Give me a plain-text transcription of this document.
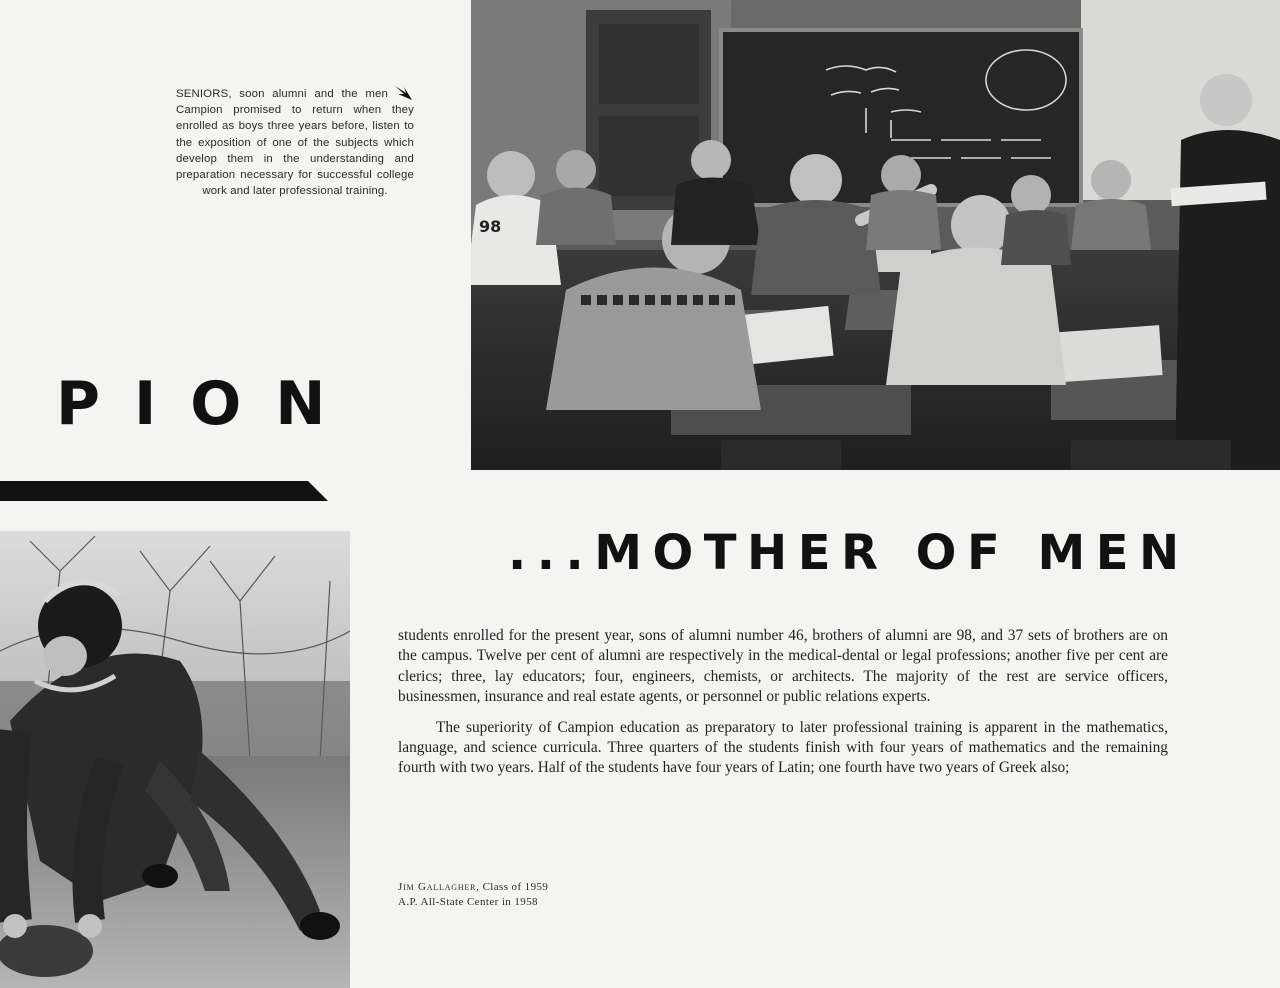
SENIORS, soon alumni and the men Campion promised to return when they enrolled as boys three years before, listen to the exposition of one of the subjects which develop them in the understanding and preparation necessary for successful college work and later professional training.
PION
...MOTHER OF MEN
98

students enrolled for the present year, sons of alumni number 46, brothers of alumni are 98, and 37 sets of brothers are on the campus. Twelve per cent of alumni are respectively in the medical-dental or legal professions; another five per cent are clerics; three, lay educators; four, engineers, chemists, or architects. The majority of the rest are service officers, businessmen, insurance and real estate agents, or personnel or public relations experts.

The superiority of Campion education as preparatory to later professional training is apparent in the mathematics, language, and science curricula. Three quarters of the students finish with four years of mathematics and the remaining fourth with two years. Half of the students have four years of Latin; one fourth have two years of Greek also;

Jim Gallagher, Class of 1959
A.P. All-State Center in 1958
